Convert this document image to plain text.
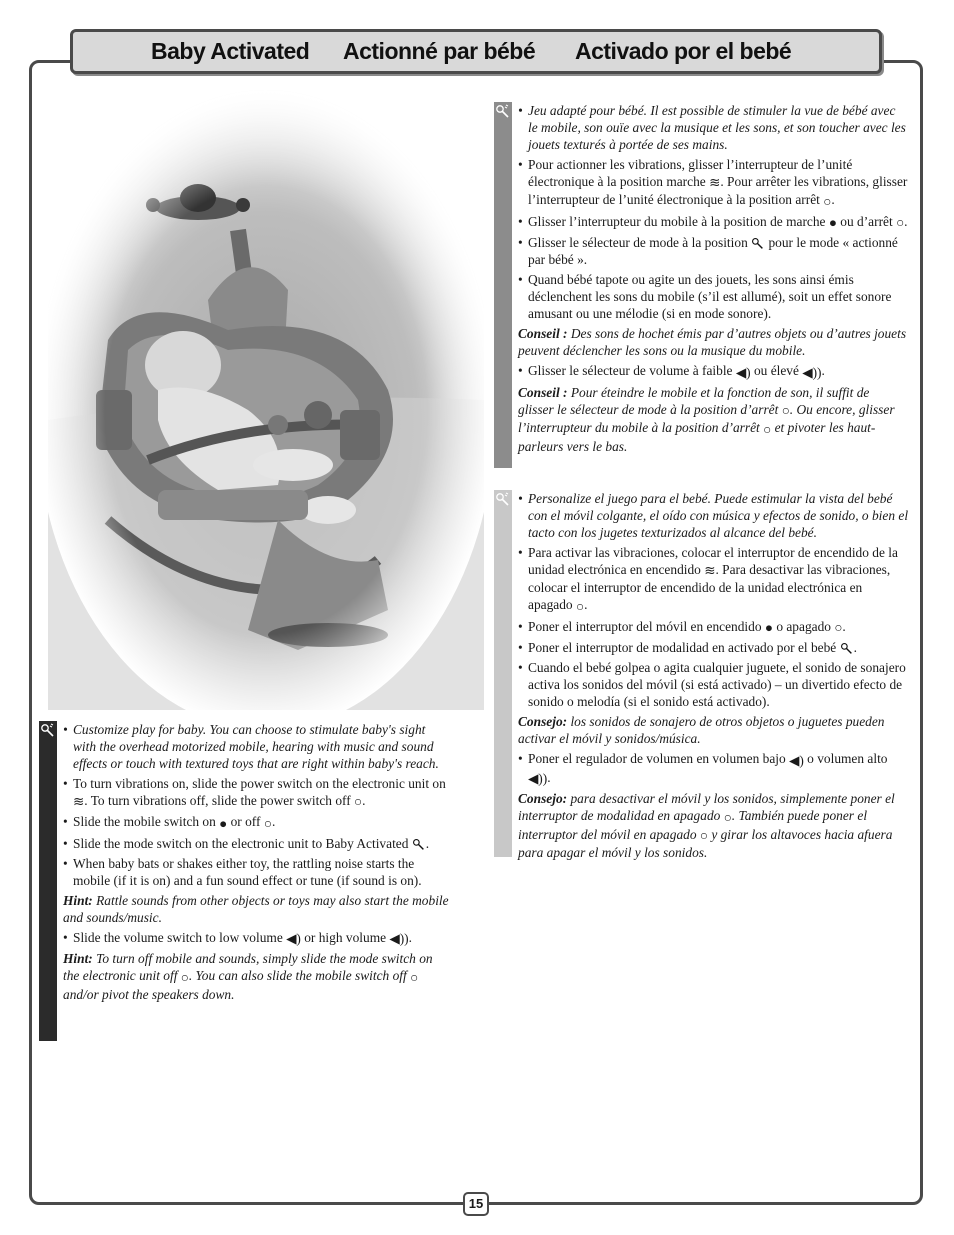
Baby Activated Actionné par bébé Activado por el bebé
• Customize play for baby. You can choose to stimulate baby's sight with the overhead motorized mobile, hearing with music and sound effects or touch with textured toys that are right within baby's reach.
• To turn vibrations on, slide the power switch on the electronic unit on ≋. To turn vibrations off, slide the power switch off ○.
• Slide the mobile switch on ● or off ○.
• Slide the mode switch on the electronic unit to Baby Activated .
• When baby bats or shakes either toy, the rattling noise starts the mobile (if it is on) and a fun sound effect or tune (if sound is on).
Hint: Rattle sounds from other objects or toys may also start the mobile and sounds/music.
• Slide the volume switch to low volume ◀) or high volume ◀)).
Hint: To turn off mobile and sounds, simply slide the mode switch on the electronic unit off ○. You can also slide the mobile switch off ○ and/or pivot the speakers down.
• Jeu adapté pour bébé. Il est possible de stimuler la vue de bébé avec le mobile, son ouïe avec la musique et les sons, et son toucher avec les jouets texturés à portée de ses mains.
• Pour actionner les vibrations, glisser l’interrupteur de l’unité électronique à la position marche ≋. Pour arrêter les vibrations, glisser l’interrupteur de l’unité électronique à la position arrêt ○.
• Glisser l’interrupteur du mobile à la position de marche ● ou d’arrêt ○.
• Glisser le sélecteur de mode à la position  pour le mode « actionné par bébé ».
• Quand bébé tapote ou agite un des jouets, les sons ainsi émis déclenchent les sons du mobile (s’il est allumé), soit un effet sonore amusant ou une mélodie (si en mode sonore).
Conseil : Des sons de hochet émis par d’autres objets ou d’autres jouets peuvent déclencher les sons ou la musique du mobile.
• Glisser le sélecteur de volume à faible ◀) ou élevé ◀)).
Conseil : Pour éteindre le mobile et la fonction de son, il suffit de glisser le sélecteur de mode à la position d’arrêt ○. Ou encore, glisser l’interrupteur du mobile à la position d’arrêt ○ et pivoter les haut-parleurs vers le bas.
• Personalize el juego para el bebé. Puede estimular la vista del bebé con el móvil colgante, el oído con música y efectos de sonido, o bien el tacto con los jugetes texturizados al alcance del bebé.
• Para activar las vibraciones, colocar el interruptor de encendido de la unidad electrónica en encendido ≋. Para desactivar las vibraciones, colocar el interruptor de encendido de la unidad electrónica en apagado ○.
• Poner el interruptor del móvil en encendido ● o apagado ○.
• Poner el interruptor de modalidad en activado por el bebé .
• Cuando el bebé golpea o agita cualquier juguete, el sonido de sonajero activa los sonidos del móvil (si está activado) – un divertido efecto de sonido o melodía (si el sonido está activado).
Consejo: los sonidos de sonajero de otros objetos o juguetes pueden activar el móvil y sonidos/música.
• Poner el regulador de volumen en volumen bajo ◀) o volumen alto ◀)).
Consejo: para desactivar el móvil y los sonidos, simplemente poner el interruptor de modalidad en apagado ○. También puede poner el interruptor del móvil en apagado ○ y girar los altavoces hacia afuera para apagar el móvil y los sonidos.
15
